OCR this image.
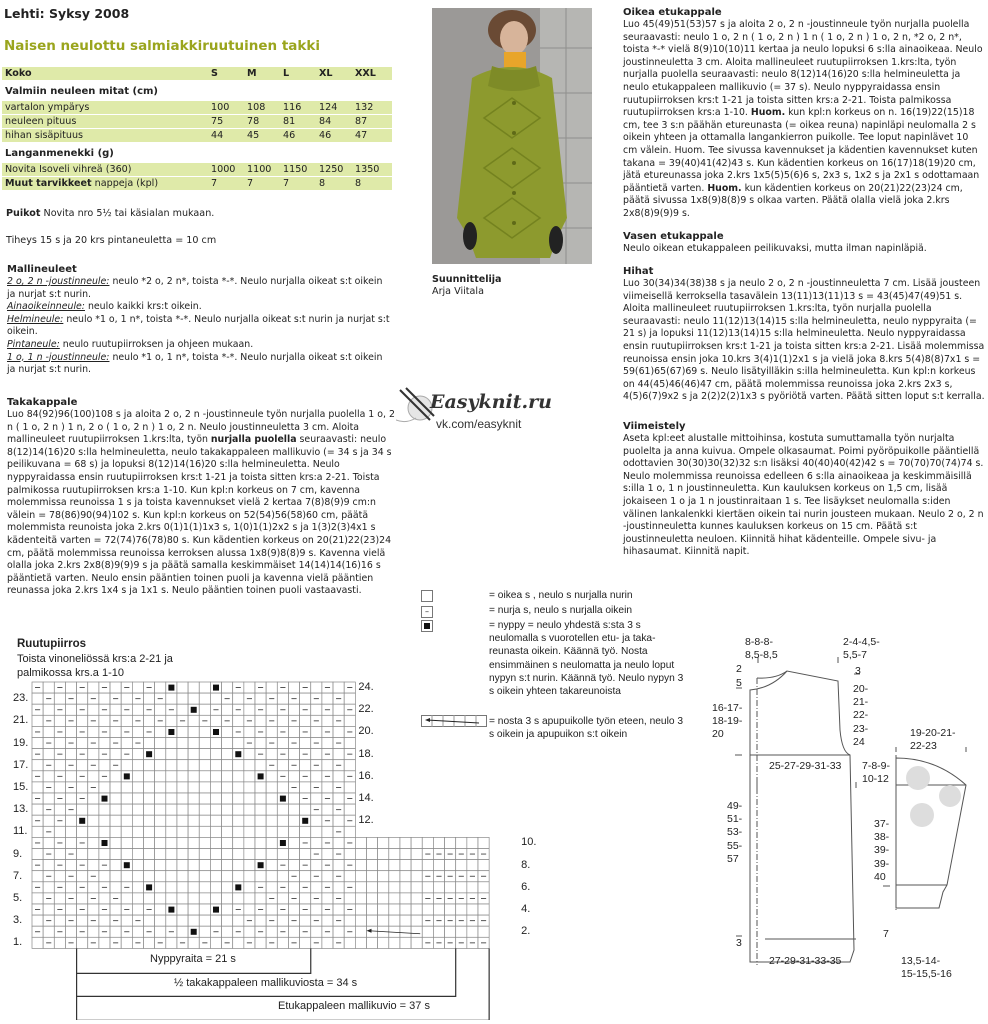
Lehti: Syksy 2008
Naisen neulottu salmiakkiruutuinen takki
Koko	S	M	L	XL	XXL
Valmiin neuleen mitat (cm)					
vartalon ympärys	100	108	116	124	132
neuleen pituus	75	78	81	84	87
hihan sisäpituus	44	45	46	46	47
Langanmenekki (g)					
Novita Isoveli vihreä (360)	1000	1100	1150	1250	1350
Muut tarvikkeet nappeja (kpl)	7	7	7	8	8
Puikot Novita nro 5½ tai käsialan mukaan.
Tiheys 15 s ja 20 krs pintaneuletta = 10 cm
Mallineuleet
2 o, 2 n -joustinneule: neulo *2 o, 2 n*, toista *-*. Neulo nurjalla oikeat s:t oikein ja nurjat s:t nurin.
Ainaoikeinneule: neulo kaikki krs:t oikein.
Helmineule: neulo *1 o, 1 n*, toista *-*. Neulo nurjalla oikeat s:t nurin ja nurjat s:t oikein.
Pintaneule: neulo ruutupiirroksen ja ohjeen mukaan.
1 o, 1 n -joustinneule: neulo *1 o, 1 n*, toista *-*. Neulo nurjalla oikeat s:t oikein ja nurjat s:t nurin.
Takakappale
Luo 84(92)96(100)108 s ja aloita 2 o, 2 n -joustinneule työn nurjalla puolella 1 o, 2 n ( 1 o, 2 n ) 1 n, 2 o ( 1 o, 2 n ) 1 o, 2 n. Neulo joustinneuletta 3 cm. Aloita mallineuleet ruutupiirroksen 1.krs:lta, työn nurjalla puolella seuraavasti: neulo 8(12)14(16)20 s:lla helmineuletta, neulo takakappaleen mallikuvio (= 34 s ja 34 s peilikuvana = 68 s) ja lopuksi 8(12)14(16)20 s:lla helmineuletta. Neulo nyppyraidassa ensin ruutupiirroksen krs:t 1-21 ja toista sitten krs:a 2-21. Toista palmikossa ruutupiirroksen krs:a 1-10. Kun kpl:n korkeus on 7 cm, kavenna molemmissa reunoissa 1 s ja toista kavennukset vielä 2 kertaa 7(8)8(9)9 cm:n välein = 78(86)90(94)102 s. Kun kpl:n korkeus on 52(54)56(58)60 cm, päätä molemmista reunoista joka 2.krs 0(1)1(1)1x3 s, 1(0)1(1)2x2 s ja 1(3)2(3)4x1 s kädenteitä varten = 72(74)76(78)80 s. Kun kädentien korkeus on 20(21)22(23)24 cm, päätä molemmissa reunoissa kerroksen alussa 1x8(9)8(8)9 s. Kavenna vielä olalla joka 2.krs 2x8(8)9(9)9 s ja päätä samalla keskimmäiset 14(14)14(16)16 s pääntietä varten. Neulo ensin pääntien toinen puoli ja kavenna vielä pääntien reunassa joka 2.krs 1x4 s ja 1x1 s. Neulo pääntien toinen puoli vastaavasti.
Suunnittelija
Arja Viitala
Easyknit.ru
vk.com/easyknit
Oikea etukappale
Luo 45(49)51(53)57 s ja aloita 2 o, 2 n -joustinneule työn nurjalla puolella seuraavasti: neulo 1 o, 2 n ( 1 o, 2 n ) 1 n ( 1 o, 2 n ) 1 o, 2 n, *2 o, 2 n*, toista *-* vielä 8(9)10(10)11 kertaa ja neulo lopuksi 6 s:lla ainaoikeaa. Neulo joustinneuletta 3 cm. Aloita mallineuleet ruutupiirroksen 1.krs:lta, työn nurjalla puolella seuraavasti: neulo 8(12)14(16)20 s:lla helmineuletta ja neulo etukappaleen mallikuvio (= 37 s). Neulo nyppyraidassa ensin ruutupiirroksen krs:t 1-21 ja toista sitten krs:a 2-21. Toista palmikossa ruutupiirroksen krs:a 1-10. Huom. kun kpl:n korkeus on n. 16(19)22(15)18 cm, tee 3 s:n päähän etureunasta (= oikea reuna) napinläpi neulomalla 2 s oikein yhteen ja ottamalla langankierron puikolle. Tee loput napinlävet 10 cm välein. Huom. Tee sivussa kavennukset ja kädentien kavennukset kuten takana = 39(40)41(42)43 s. Kun kädentien korkeus on 16(17)18(19)20 cm, jätä etureunassa joka 2.krs 1x5(5)5(6)6 s, 2x3 s, 1x2 s ja 2x1 s odottamaan pääntietä varten. Huom. kun kädentien korkeus on 20(21)22(23)24 cm, päätä sivussa 1x8(9)8(8)9 s olkaa varten. Päätä olalla vielä joka 2.krs 2x8(8)9(9)9 s.
Vasen etukappale
Neulo oikean etukappaleen peilikuvaksi, mutta ilman napinläpiä.
Hihat
Luo 30(34)34(38)38 s ja neulo 2 o, 2 n -joustinneuletta 7 cm. Lisää jousteen viimeisellä kerroksella tasavälein 13(11)13(11)13 s = 43(45)47(49)51 s. Aloita mallineuleet ruutupiirroksen 1.krs:lta, työn nurjalla puolella seuraavasti: neulo 11(12)13(14)15 s:lla helmineuletta, neulo nyppyraita (= 21 s) ja lopuksi 11(12)13(14)15 s:lla helmineuletta. Neulo nyppyraidassa ensin ruutupiirroksen krs:t 1-21 ja toista sitten krs:a 2-21. Lisää molemmissa reunoissa ensin joka 10.krs 3(4)1(1)2x1 s ja vielä joka 8.krs 5(4)8(8)7x1 s = 59(61)65(67)69 s. Neulo lisätyilläkin s:illa helmineuletta. Kun kpl:n korkeus on 44(45)46(46)47 cm, päätä molemmissa reunoissa joka 2.krs 2x3 s, 4(5)6(7)9x2 s ja 2(2)2(2)1x3 s pyöriötä varten. Päätä sitten loput s:t kerralla.
Viimeistely
Aseta kpl:eet alustalle mittoihinsa, kostuta sumuttamalla työn nurjalta puolelta ja anna kuivua. Ompele olkasaumat. Poimi pyöröpuikolle pääntiellä odottavien 30(30)30(32)32 s:n lisäksi 40(40)40(42)42 s = 70(70)70(74)74 s. Neulo molemmissa reunoissa edelleen 6 s:lla ainaoikeaa ja keskimmäisillä s:illa 1 o, 1 n joustinneuletta. Kun kauluksen korkeus on 1,5 cm, lisää jokaiseen 1 o ja 1 n joustinraitaan 1 s. Tee lisäykset neulomalla s:iden välinen lankalenkki kiertäen oikein tai nurin jousteen mukaan. Neulo 2 o, 2 n -joustinneuletta kunnes kauluksen korkeus on 15 cm. Päätä s:t joustinneuletta neuloen. Kiinnitä hihat kädenteille. Ompele sivu- ja hihasaumat. Kiinnitä napit.
–
= oikea s , neulo s nurjalla nurin
= nurja s, neulo s nurjalla oikein
= nyppy = neulo yhdestä s:sta 3 s neulomalla s vuorotellen etu- ja taka-reunasta oikein. Käännä työ. Nosta ensimmäinen s neulomatta ja neulo loput nypyn s:t nurin. Käännä työ. Neulo nypyn 3 s oikein yhteen takareunoista
= nosta 3 s apupuikolle työn eteen, neulo 3 s oikein ja apupuikon s:t oikein
Ruutupiirros
Toista vinoneliössä krs:a 2-21 ja
palmikossa krs.a 1-10
23.
21.
19.
17.
15.
13.
11.
9.
7.
5.
3.
1.
24.
22.
20.
18.
16.
14.
12.
10.
8.
6.
4.
2.
Nyppyraita = 21 s
½ takakappaleen mallikuviosta = 34 s
Etukappaleen mallikuvio = 37 s
8-8-8-
8,5-8,5
2-4-4,5-
5,5-7
2
5
3
16-17-
18-19-
20
20-
21-
22-
23-
24
25-27-29-31-33
49-
51-
53-
55-
57
3
27-29-31-33-35
19-20-21-
22-23
7-8-9-
10-12
37-
38-
39-
39-
40
7
13,5-14-
15-15,5-16
